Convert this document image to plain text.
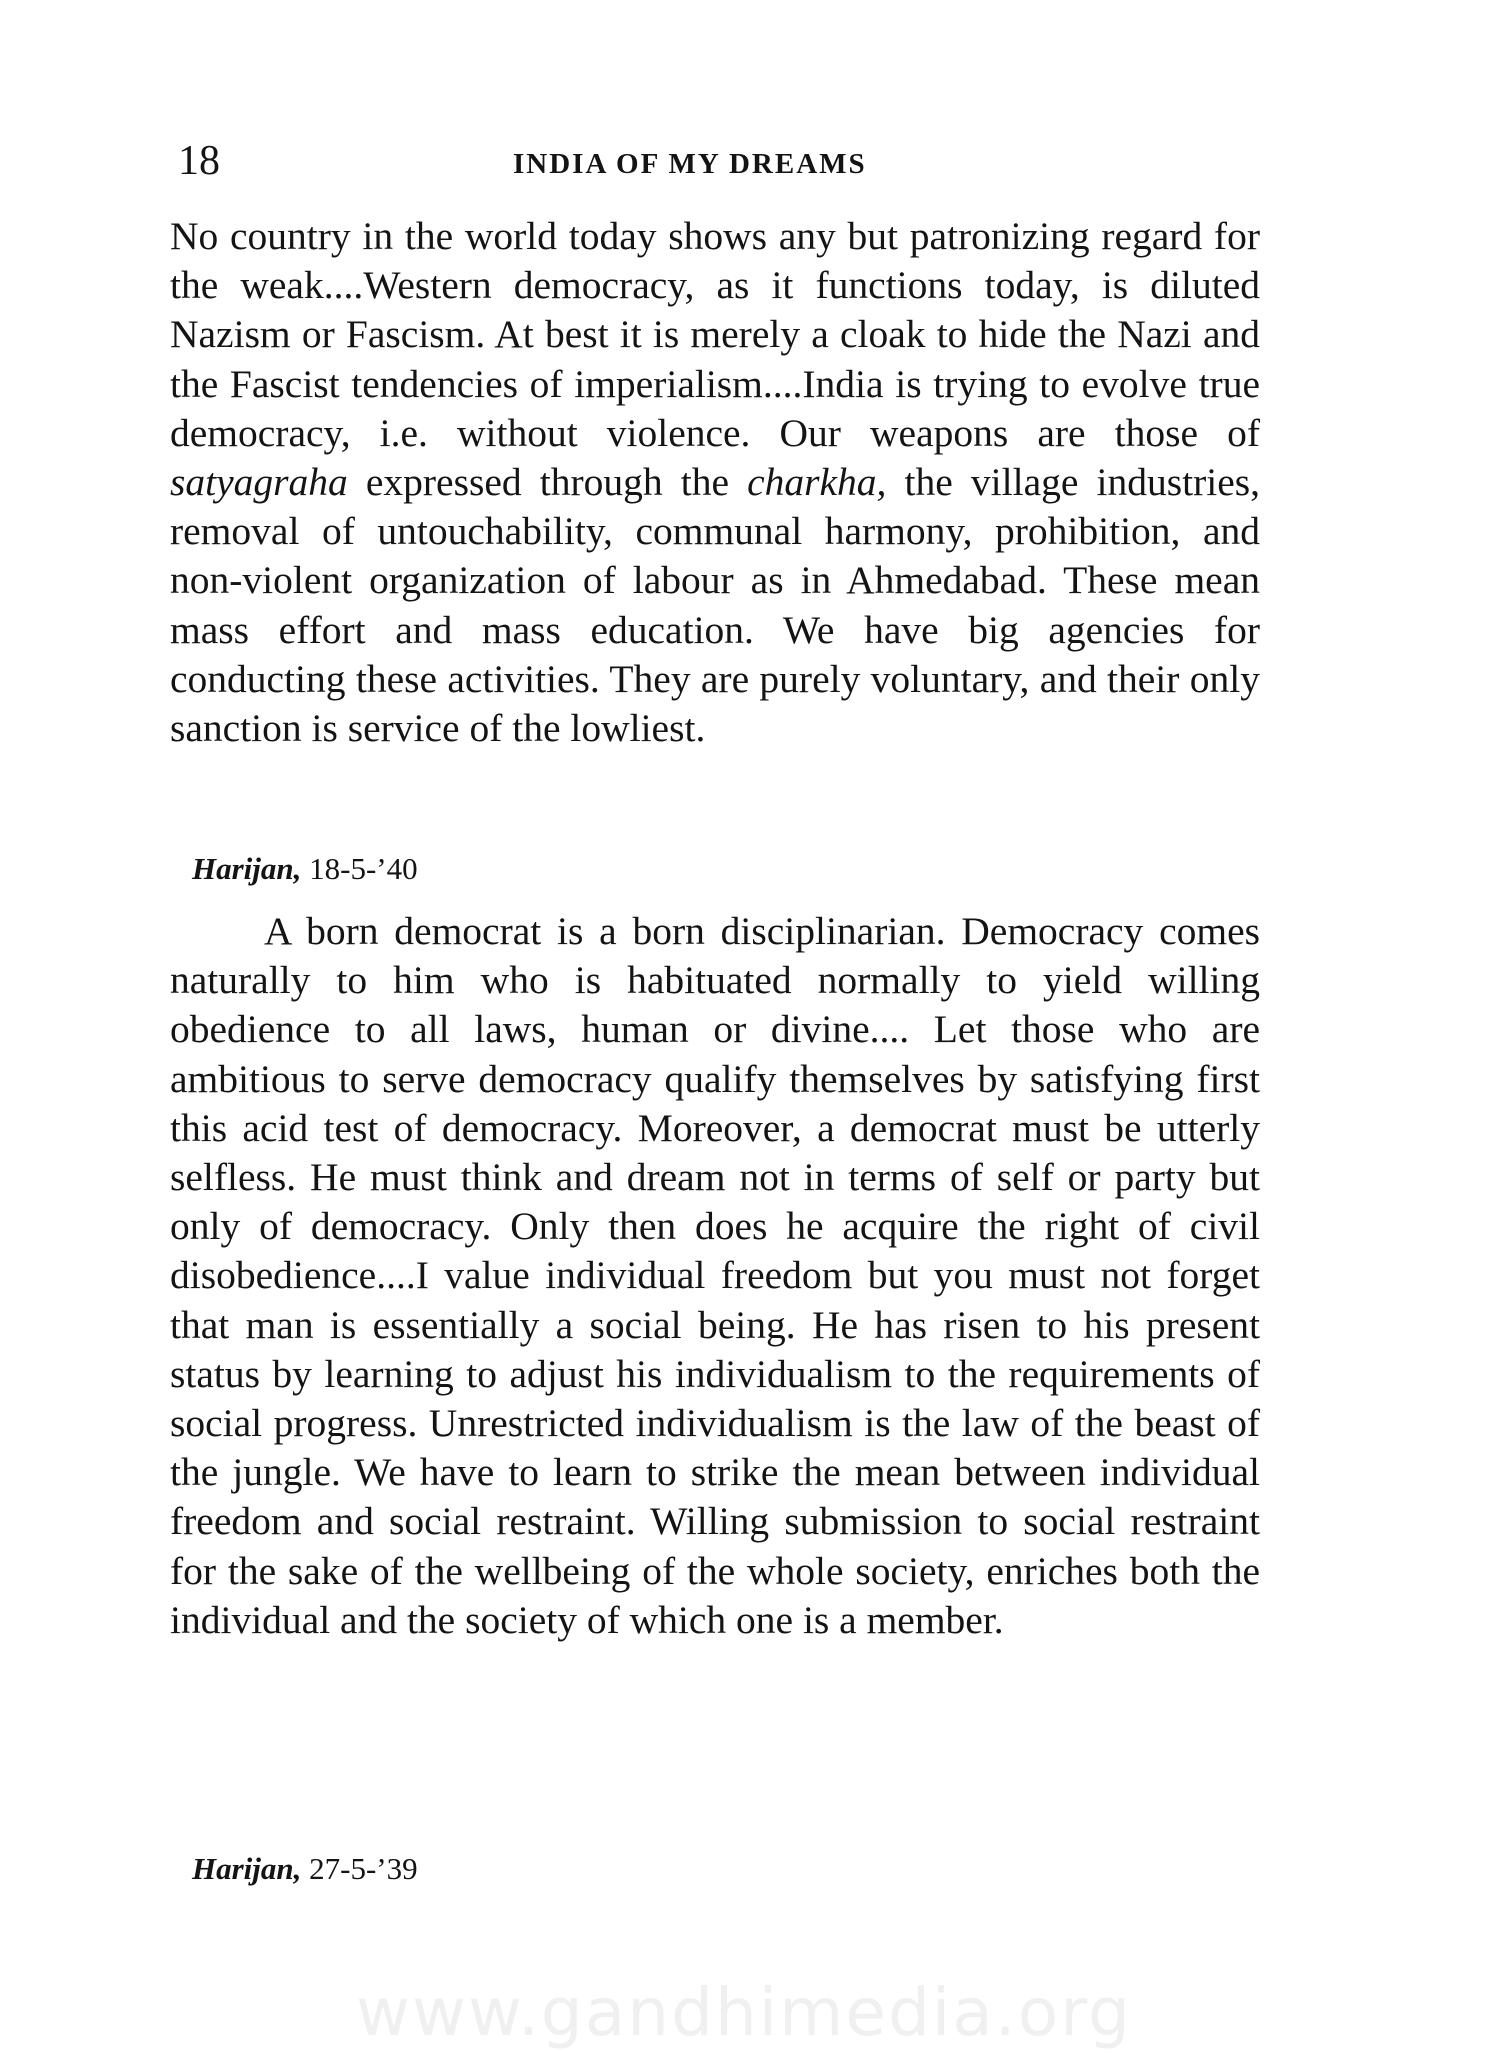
18	INDIA OF MY DREAMS

No country in the world today shows any but patronizing regard for the weak....Western democracy, as it functions today, is diluted Nazism or Fascism. At best it is merely a cloak to hide the Nazi and the Fascist tendencies of imperialism....India is trying to evolve true democracy, i.e. without violence. Our weapons are those of satyagraha expressed through the charkha, the village industries, removal of untouchability, communal harmony, prohibition, and non-violent organization of labour as in Ahmedabad. These mean mass effort and mass education. We have big agencies for conducting these activities. They are purely voluntary, and their only sanction is service of the lowliest.

Harijan, 18-5-’40

A born democrat is a born disciplinarian. Democracy comes naturally to him who is habituated normally to yield willing obedience to all laws, human or divine.... Let those who are ambitious to serve democracy qualify themselves by satisfying first this acid test of democracy. Moreover, a democrat must be utterly selfless. He must think and dream not in terms of self or party but only of democracy. Only then does he acquire the right of civil disobedience....I value individual freedom but you must not forget that man is essentially a social being. He has risen to his present status by learning to adjust his individualism to the requirements of social progress. Unrestricted individualism is the law of the beast of the jungle. We have to learn to strike the mean between individual freedom and social restraint. Willing submission to social restraint for the sake of the wellbeing of the whole society, enriches both the individual and the society of which one is a member.

Harijan, 27-5-’39
www.gandhimedia.org
